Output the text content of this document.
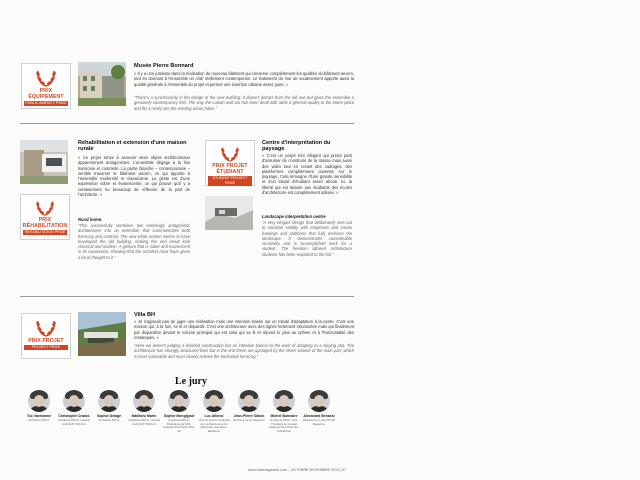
PRIX ÉQUIPEMENT
PUBLIC AMENITY PRIZE
Musée Pierre Bonnard
« Il y a une justesse dans la réalisation du nouveau bâtiment qui conserve complètement les qualités du bâtiment ancien, tout en donnant à l'ensemble un côté réellement contemporain. Le traitement du mur de soutènement apporte aussi la qualité générale à l'ensemble du projet et permet une insertion urbaine assez juste. »
"There's a synchronicity in the design of the new building; it doesn't detract from the old one but gives the ensemble a genuinely contemporary feel. The way the curtain wall too has been dealt with adds a general quality to the entire place and fits it nicely into the existing urban fabric."
PRIX RÉHABILITATION
REHABILITATION PRIZE
Réhabilitation et extension d'une maison rurale
« Ce projet arrive à associer deux objets architecturaux apparemment antagonistes. L'ensemble dégage à la fois harmonie et contraste. La partie blanche – contemporaine – semble traverser le bâtiment ancien, ce qui apporte à l'ensemble modernité et classicisme. Le geste est d'une expression sobre et évanescente, ce qui prouve qu'il y a certainement eu beaucoup de réflexion de la part de l'architecte. »
Rural home.
"This successfully combines two seemingly antagonistic architectures into an ensemble that communicates both harmony and contrast. The new white section seems to have enveloped the old building, making the end result look classical and modern. A gesture that is sober and evanescent in its expression, showing that the architect must have given a lot of thought to it."
PRIX PROJET ÉTUDIANT
STUDENT PROJECT PRIZE
Centre d'interprétation du paysage
« C'est un projet très élégant qui prend parti d'assumer de construire de la masse mais aussi des vides tout en créant des cadrages, des plateformes complètement ouvertes sur le paysage. Cela témoigne d'une grande sensibilité et d'un travail d'étudiant assez abouti. Ici, la liberté qui est laissée aux étudiants des écoles d'architecture est complètement utilisée. »
Landscape interpretation centre
"A very elegant design that deliberately sets out to combine solidity with emptiness and create framings and platforms that fully embrace the landscape. It demonstrates considerable sensitivity and is accomplished work for a student. The freedom allowed architecture students has been exploited to the full."
PRIX PROJET
PROJECT PRIZE
Villa BH
« Je n'agissait pas de juger une réalisation mais une intention basée sur un travail d'adaptation à la pente. C'est une maison qui, à la fois, se lit et disparaît. C'est une architecture avec des lignes fortement structurées mais qui finalement par disparaître devant le volume principal qui est celui qui se lit et répond le plus au rythme et à l'horizontalité des restanques. »
"Here we weren't judging a finished construction but an intention based on the work of adapting to a sloping plot. The architecture has strongly structured lines but in the end these are upstaged by the sheer volume of the main part, which is most noticeable and most closely echoes the horizontal terracing."
Le jury
Toc Vaemanne
Architecte DPLG
Christophe Cradoc
Architecte DPLG, Lauréat AnArCHIT 2013-14
Sophie Delage
Architecte DPLG
Matthieu Marin
Architecte DPLG, Lauréat AnArCHIT 2013-14
Sophie Mongignot
Architecte DPLG, Présidente de l'AIX, Lauréate AnArCHIT 2013-14
Luc Alfonsi
Chef du service territorial de l'architecture et du patrimoine des Alpes-Maritimes
Jean-Pierre Sidoni
Directeur de la villa Arson
Michel Bonnaire
Architecte DPLG, Vice-Président du Conseil Régional de l'Ordre des Architectes
Alexandra Benassi
Rédactrice en chef COTE Magazine
www.cotemagazine.com – OCTOBRE NOVEMBRE 2015 | 37
